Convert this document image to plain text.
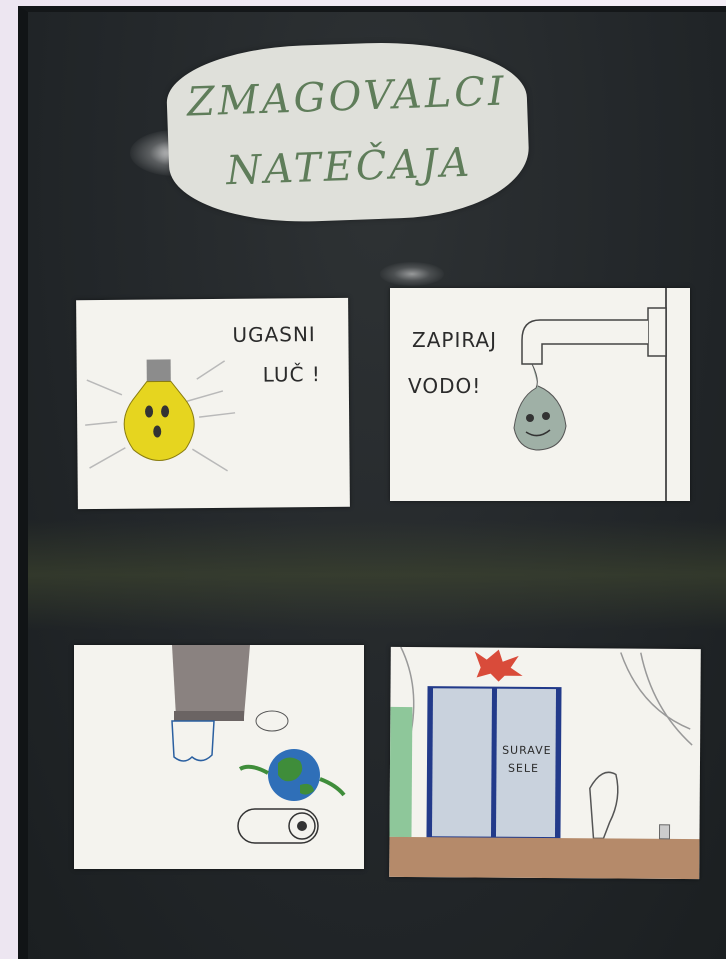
ZMAGOVALCI
NATEČAJA
UGASNI
LUČ !
ZAPIRAJ
VODO!
SURAVE
SELE
